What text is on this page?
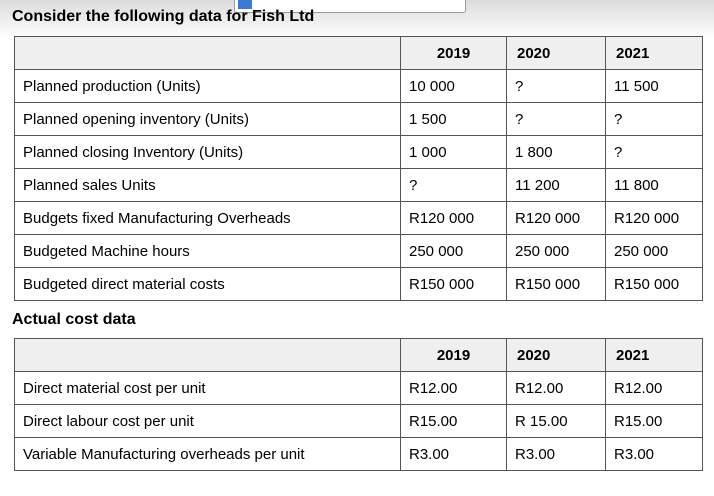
Consider the following data for Fish Ltd
	2019	2020	2021
Planned production (Units)	10 000	?	11 500
Planned opening inventory (Units)	1 500	?	?
Planned closing Inventory (Units)	1 000	1 800	?
Planned sales Units	?	11 200	11 800
Budgets fixed Manufacturing Overheads	R120 000	R120 000	R120 000
Budgeted Machine hours	250 000	250 000	250 000
Budgeted direct material costs	R150 000	R150 000	R150 000
Actual cost data
	2019	2020	2021
Direct material cost per unit	R12.00	R12.00	R12.00
Direct labour cost per unit	R15.00	R 15.00	R15.00
Variable Manufacturing overheads per unit	R3.00	R3.00	R3.00
